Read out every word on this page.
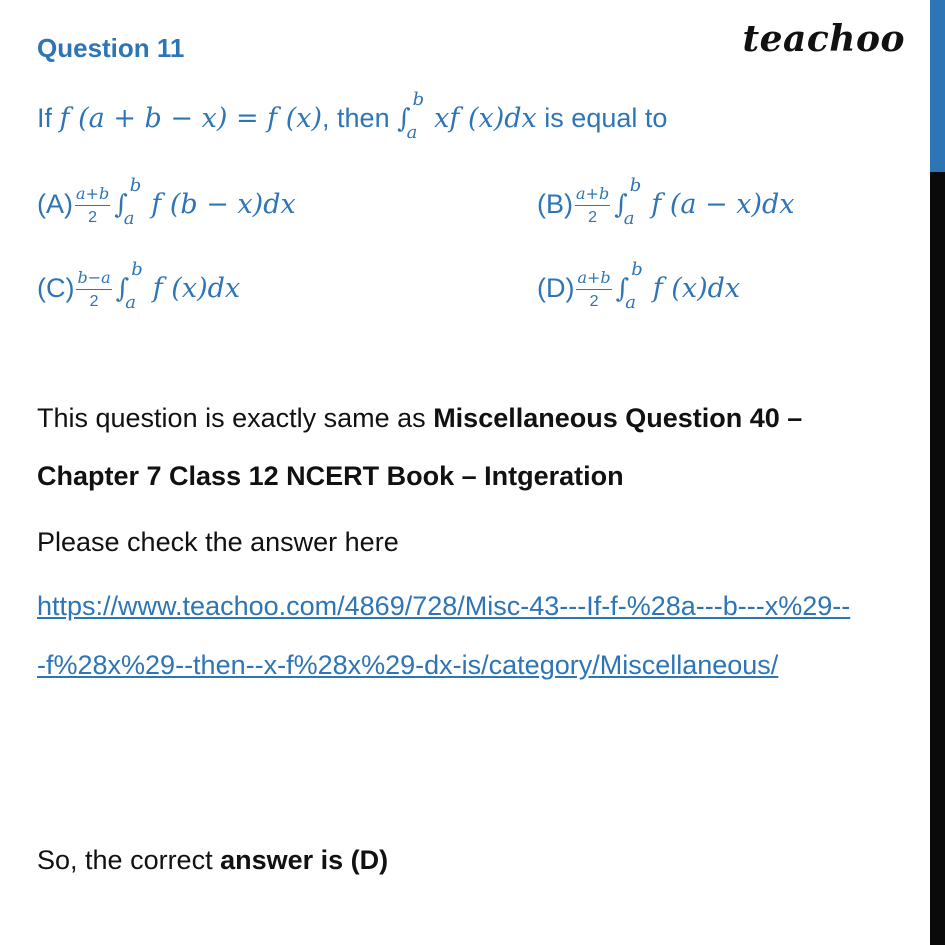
teachoo
Question 11
If f (a + b − x) = f (x), then ∫
b
a xf (x)dx is equal to
$(A) \frac{a+b}{2}$ ∫
b
a f (b − x)dx	$(B) \frac{a+b}{2}$ ∫
b
a f (a − x)dx
$(C) \frac{b-a}{2}$ ∫
b
a f (x)dx	$(D) \frac{a+b}{2}$ ∫
b
a f (x)dx
This question is exactly same as Miscellaneous Question 40 –
Chapter 7 Class 12 NCERT Book – Intgeration
Please check the answer here
https://www.teachoo.com/4869/728/Misc-43---If-f-%28a---b---x%29--
-f%28x%29--then--x-f%28x%29-dx-is/category/Miscellaneous/
So, the correct answer is (D)
